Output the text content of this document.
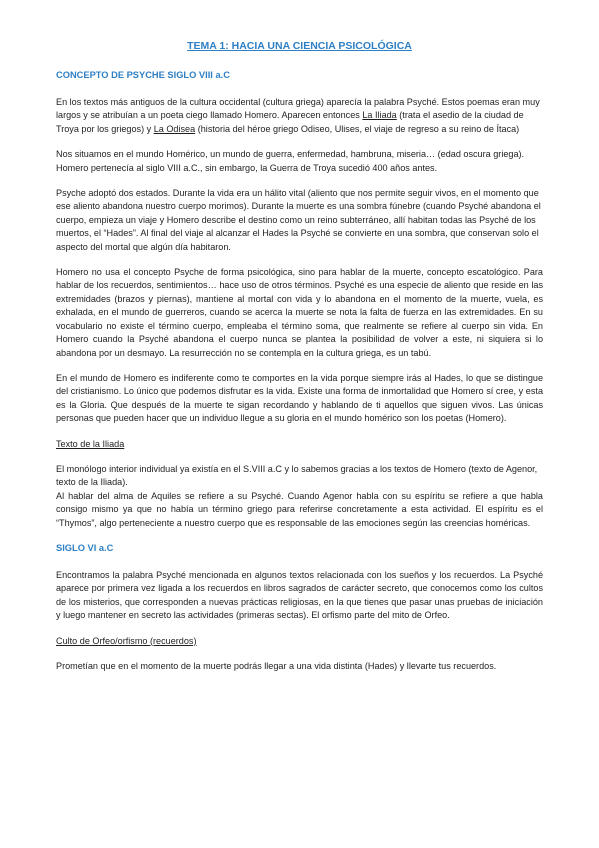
TEMA 1: HACIA UNA CIENCIA PSICOLÓGICA
CONCEPTO DE PSYCHE SIGLO VIII a.C

En los textos más antiguos de la cultura occidental (cultura griega) aparecía la palabra Psyché. Estos poemas eran muy largos y se atribuían a un poeta ciego llamado Homero. Aparecen entonces La Iliada (trata el asedio de la ciudad de Troya por los griegos) y La Odisea (historia del héroe griego Odiseo, Ulises, el viaje de regreso a su reino de Ítaca)

Nos situamos en el mundo Homérico, un mundo de guerra, enfermedad, hambruna, miseria… (edad oscura griega). Homero pertenecía al siglo VIII a.C., sin embargo, la Guerra de Troya sucedió 400 años antes.

Psyche adoptó dos estados. Durante la vida era un hálito vital (aliento que nos permite seguir vivos, en el momento que ese aliento abandona nuestro cuerpo morimos). Durante la muerte es una sombra fúnebre (cuando Psyché abandona el cuerpo, empieza un viaje y Homero describe el destino como un reino subterráneo, allí habitan todas las Psyché de los muertos, el “Hades”. Al final del viaje al alcanzar el Hades la Psyché se convierte en una sombra, que conservan solo el aspecto del mortal que algún día habitaron.

Homero no usa el concepto Psyche de forma psicológica, sino para hablar de la muerte, concepto escatológico. Para hablar de los recuerdos, sentimientos… hace uso de otros términos. Psyché es una especie de aliento que reside en las extremidades (brazos y piernas), mantiene al mortal con vida y lo abandona en el momento de la muerte, vuela, es exhalada, en el mundo de guerreros, cuando se acerca la muerte se nota la falta de fuerza en las extremidades. En su vocabulario no existe el término cuerpo, empleaba el término soma, que realmente se refiere al cuerpo sin vida. En Homero cuando la Psyché abandona el cuerpo nunca se plantea la posibilidad de volver a este, ni siquiera si lo abandona por un desmayo. La resurrección no se contempla en la cultura griega, es un tabú.

En el mundo de Homero es indiferente como te comportes en la vida porque siempre irás al Hades, lo que se distingue del cristianismo. Lo único que podemos disfrutar es la vida. Existe una forma de inmortalidad que Homero sí cree, y esta es la Gloria. Que después de la muerte te sigan recordando y hablando de ti aquellos que siguen vivos. Las únicas personas que pueden hacer que un individuo llegue a su gloria en el mundo homérico son los poetas (Homero).

Texto de la Iliada

El monólogo interior individual ya existía en el S.VIII a.C y lo sabemos gracias a los textos de Homero (texto de Agenor, texto de la Iliada).

Al hablar del alma de Aquiles se refiere a su Psyché. Cuando Agenor habla con su espíritu se refiere a que habla consigo mismo ya que no había un término griego para referirse concretamente a esta actividad. El espíritu es el “Thymos”, algo perteneciente a nuestro cuerpo que es responsable de las emociones según las creencias homéricas.

SIGLO VI a.C

Encontramos la palabra Psyché mencionada en algunos textos relacionada con los sueños y los recuerdos. La Psyché aparece por primera vez ligada a los recuerdos en libros sagrados de carácter secreto, que conocemos como los cultos de los misterios, que corresponden a nuevas prácticas religiosas, en la que tienes que pasar unas pruebas de iniciación y luego mantener en secreto las actividades (primeras sectas). El orfismo parte del mito de Orfeo.

Culto de Orfeo/orfismo (recuerdos)

Prometían que en el momento de la muerte podrás llegar a una vida distinta (Hades) y llevarte tus recuerdos.
